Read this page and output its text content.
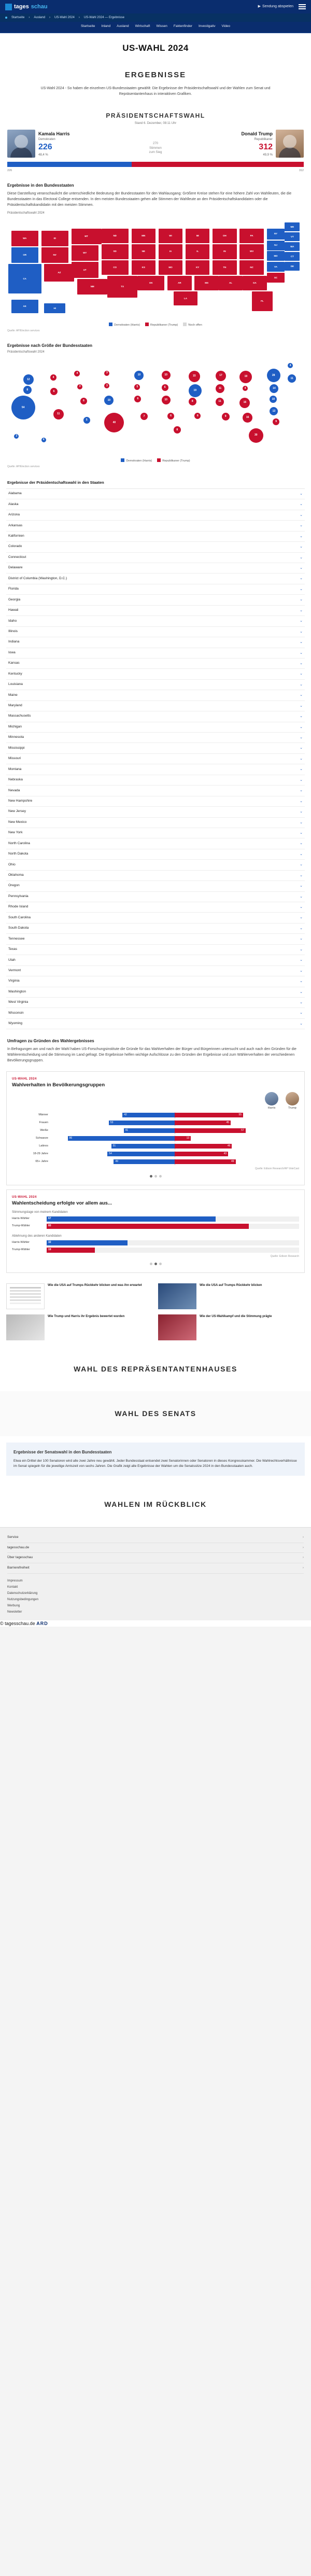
tages schau	▶ Sendung abspielen
Startseite › Ausland › US-Wahl 2024 › US-Wahl 2024 — Ergebnisse
Startseite Inland Ausland Wirtschaft Wissen Faktenfinder Investigativ Video
US-WAHL 2024
ERGEBNISSE
US-Wahl 2024 - So haben die einzelnen US-Bundesstaaten gewählt: Die Ergebnisse der Präsidentschaftswahl und der Wahlen zum Senat und Repräsentantenhaus in interaktiven Grafiken.
PRÄSIDENTSCHAFTSWAHL
Stand 6. Dezember, 08:11 Uhr
Kamala Harris
Demokraten
226
48,4 %
270 Stimmen zum Sieg
Donald Trump
Republikaner
312
49,9 %
226	312
Ergebnisse in den Bundesstaaten
Diese Darstellung veranschaulicht die unterschiedliche Bedeutung der Bundesstaaten für den Wahlausgang: Größere Kreise stehen für eine höhere Zahl von Wahlleuten, die die Bundesstaaten in das Electoral College entsenden. In den meisten Bundesstaaten gehen alle Stimmen der Wahlleute an den Präsidentschaftskandidaten oder die Präsidentschaftskandidatin mit den meisten Stimmen.
Präsidentschaftswahl 2024
WA
OR
CA
ID
NV
AZ
MT
WY
UT
NM
ND
SD
CO
TX
MN
NE
KS
OK
WI
IA
MO
AR
LA
MI
IL
KY
MS
IN
TN
AL
OH	PA
WV
NC
GA
FL
NY
NJ
MD
VA
SC
ME
VT
MA
CT
DE
AK
HI
Demokraten (Harris)	Republikaner (Trump)	Noch offen
Quelle: AP/Election services
Ergebnisse nach Größe der Bundesstaaten
Präsidentschaftswahl 2024
54
12
8
4
6
11
4
3
6
5
3
3
10
40
10
5
6
7
10
6
10
6
8
15
19
8
6
17
11
11
9
19
4
16
16
30
28
14
10
13
9
4
11
3
4
Demokraten (Harris)	Republikaner (Trump)
Quelle: AP/Election services
Ergebnisse der Präsidentschaftswahl in den Staaten
Alabama	⌄
Alaska	⌄
Arizona	⌄
Arkansas	⌄
Kalifornien	⌄
Colorado	⌄
Connecticut	⌄
Delaware	⌄
District of Columbia (Washington, D.C.)	⌄
Florida	⌄
Georgia	⌄
Hawaii	⌄
Idaho	⌄
Illinois	⌄
Indiana	⌄
Iowa	⌄
Kansas	⌄
Kentucky	⌄
Louisiana	⌄
Maine	⌄
Maryland	⌄
Massachusetts	⌄
Michigan	⌄
Minnesota	⌄
Mississippi	⌄
Missouri	⌄
Montana	⌄
Nebraska	⌄
Nevada	⌄
New Hampshire	⌄
New Jersey	⌄
New Mexico	⌄
New York	⌄
North Carolina	⌄
North Dakota	⌄
Ohio	⌄
Oklahoma	⌄
Oregon	⌄
Pennsylvania	⌄
Rhode Island	⌄
South Carolina	⌄
South Dakota	⌄
Tennessee	⌄
Texas	⌄
Utah	⌄
Vermont	⌄
Virginia	⌄
Washington	⌄
West Virginia	⌄
Wisconsin	⌄
Wyoming	⌄
Umfragen zu Gründen des Wahlergebnisses
In Befragungen am und nach der Wahl haben US-Forschungsinstitute die Gründe für das Wahlverhalten der Bürger und Bürgerinnen untersucht und auch nach den Gründen für die Wählerentscheidung und die Stimmung im Land gefragt. Die Ergebnisse helfen wichtige Aufschlüsse zu den Gründen der Ergebnisse und zum Wählerverhalten der verschiedenen Bevölkerungsgruppen.
US-WAHL 2024
Wahlverhalten in Bevölkerungsgruppen
Harris	Trump
Männer	42	55
Frauen	53	45
Weiße	41	57
Schwarze	86	13
Latinos	51	46
18-29 Jahre	54	43
65+ Jahre	49	49
Quelle: Edison Research/AP VoteCast
US-WAHL 2024
Wahlentscheidung erfolgte vor allem aus...
Stimmungslage von meinem Kandidaten
Harris-Wähler	67
Trump-Wähler	80
Ablehnung des anderen Kandidaten
Harris-Wähler	32
Trump-Wähler	19
Quelle: Edison Research
Wie die USA auf Trumps Rückkehr blicken und was ihn erwartet	Wie die USA auf Trumps Rückkehr blicken
Wie Trump und Harris ihr Ergebnis bewertet wurden	Wie der US-Wahlkampf und die Stimmung prägte
WAHL DES REPRÄSENTANTENHAUSES
WAHL DES SENATS
Ergebnisse der Senatswahl in den Bundesstaaten
Etwa ein Drittel der 100 Senatoren wird alle zwei Jahre neu gewählt. Jeder Bundesstaat entsendet zwei Senatorinnen oder Senatoren in dieses Kongresskammer. Die Wahlrechtsverhältnisse im Senat spiegeln für die jeweilige Amtszeit von sechs Jahren. Die Grafik zeigt alle Ergebnisse der Wahlen um die Senatssitze 2024 in den Bundesstaaten auch.
WAHLEN IM RÜCKBLICK
Service	›
tagesschau.de	›
Über tagesschau	›
Barrierefreiheit	›
Impressum
Kontakt
Datenschutzerklärung
Nutzungsbedingungen
Werbung
Newsletter
© tagesschau.de ARD
